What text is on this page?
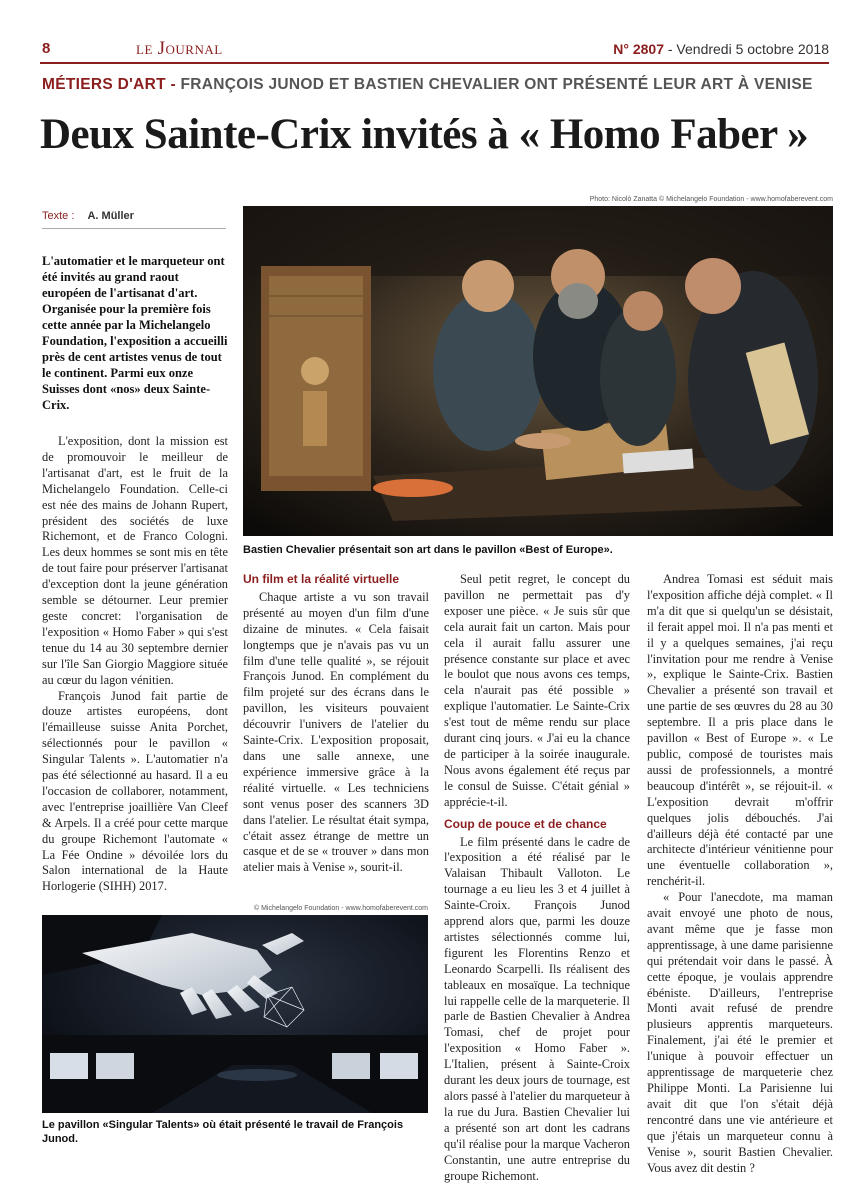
8	LE Journal	N° 2807 - Vendredi 5 octobre 2018
MÉTIERS D'ART - FRANÇOIS JUNOD ET BASTIEN CHEVALIER ONT PRÉSENTÉ LEUR ART À VENISE
Deux Sainte-Crix invités à « Homo Faber »
Texte : A. Müller
Photo: Nicolò Zanatta © Michelangelo Foundation - www.homofaberevent.com
Bastien Chevalier présentait son art dans le pavillon «Best of Europe».
L'automatier et le marqueteur ont été invités au grand raout européen de l'artisanat d'art. Organisée pour la première fois cette année par la Michelangelo Foundation, l'exposition a accueilli près de cent artistes venus de tout le continent. Parmi eux onze Suisses dont «nos» deux Sainte-Crix.

L'exposition, dont la mission est de promouvoir le meilleur de l'artisanat d'art, est le fruit de la Michelangelo Foundation. Celle-ci est née des mains de Johann Rupert, président des sociétés de luxe Richemont, et de Franco Cologni. Les deux hommes se sont mis en tête de tout faire pour préserver l'artisanat d'exception dont la jeune génération semble se détourner. Leur premier geste concret: l'organisation de l'exposition « Homo Faber » qui s'est tenue du 14 au 30 septembre dernier sur l'île San Giorgio Maggiore située au cœur du lagon vénitien.

François Junod fait partie de douze artistes européens, dont l'émailleuse suisse Anita Porchet, sélectionnés pour le pavillon « Singular Talents ». L'automatier n'a pas été sélectionné au hasard. Il a eu l'occasion de collaborer, notamment, avec l'entreprise joaillière Van Cleef & Arpels. Il a créé pour cette marque du groupe Richemont l'automate « La Fée Ondine » dévoilée lors du Salon international de la Haute Horlogerie (SIHH) 2017.

© Michelangelo Foundation - www.homofaberevent.com
Le pavillon «Singular Talents» où était présenté le travail de François Junod.
Un film et la réalité virtuelle

Chaque artiste a vu son travail présenté au moyen d'un film d'une dizaine de minutes. « Cela faisait longtemps que je n'avais pas vu un film d'une telle qualité », se réjouit François Junod. En complément du film projeté sur des écrans dans le pavillon, les visiteurs pouvaient découvrir l'univers de l'atelier du Sainte-Crix. L'exposition proposait, dans une salle annexe, une expérience immersive grâce à la réalité virtuelle. « Les techniciens sont venus poser des scanners 3D dans l'atelier. Le résultat était sympa, c'était assez étrange de mettre un casque et de se « trouver » dans mon atelier mais à Venise », sourit-il.

Seul petit regret, le concept du pavillon ne permettait pas d'y exposer une pièce. « Je suis sûr que cela aurait fait un carton. Mais pour cela il aurait fallu assurer une présence constante sur place et avec le boulot que nous avons ces temps, cela n'aurait pas été possible » explique l'automatier. Le Sainte-Crix s'est tout de même rendu sur place durant cinq jours. « J'ai eu la chance de participer à la soirée inaugurale. Nous avons également été reçus par le consul de Suisse. C'était génial » apprécie-t-il.

Coup de pouce et de chance

Le film présenté dans le cadre de l'exposition a été réalisé par le Valaisan Thibault Valloton. Le tournage a eu lieu les 3 et 4 juillet à Sainte-Croix. François Junod apprend alors que, parmi les douze artistes sélectionnés comme lui, figurent les Florentins Renzo et Leonardo Scarpelli. Ils réalisent des tableaux en mosaïque. La technique lui rappelle celle de la marqueterie. Il parle de Bastien Chevalier à Andrea Tomasi, chef de projet pour l'exposition « Homo Faber ». L'Italien, présent à Sainte-Croix durant les deux jours de tournage, est alors passé à l'atelier du marqueteur à la rue du Jura. Bastien Chevalier lui a présenté son art dont les cadrans qu'il réalise pour la marque Vacheron Constantin, une autre entreprise du groupe Richemont.

Andrea Tomasi est séduit mais l'exposition affiche déjà complet. « Il m'a dit que si quelqu'un se désistait, il ferait appel moi. Il n'a pas menti et il y a quelques semaines, j'ai reçu l'invitation pour me rendre à Venise », explique le Sainte-Crix. Bastien Chevalier a présenté son travail et une partie de ses œuvres du 28 au 30 septembre. Il a pris place dans le pavillon « Best of Europe ». « Le public, composé de touristes mais aussi de professionnels, a montré beaucoup d'intérêt », se réjouit-il. « L'exposition devrait m'offrir quelques jolis débouchés. J'ai d'ailleurs déjà été contacté par une architecte d'intérieur vénitienne pour une éventuelle collaboration », renchérit-il.

« Pour l'anecdote, ma maman avait envoyé une photo de nous, avant même que je fasse mon apprentissage, à une dame parisienne qui prétendait voir dans le passé. À cette époque, je voulais apprendre ébéniste. D'ailleurs, l'entreprise Monti avait refusé de prendre plusieurs apprentis marqueteurs. Finalement, j'ai été le premier et l'unique à pouvoir effectuer un apprentissage de marqueterie chez Philippe Monti. La Parisienne lui avait dit que l'on s'était déjà rencontré dans une vie antérieure et que j'étais un marqueteur connu à Venise », sourit Bastien Chevalier. Vous avez dit destin ?
